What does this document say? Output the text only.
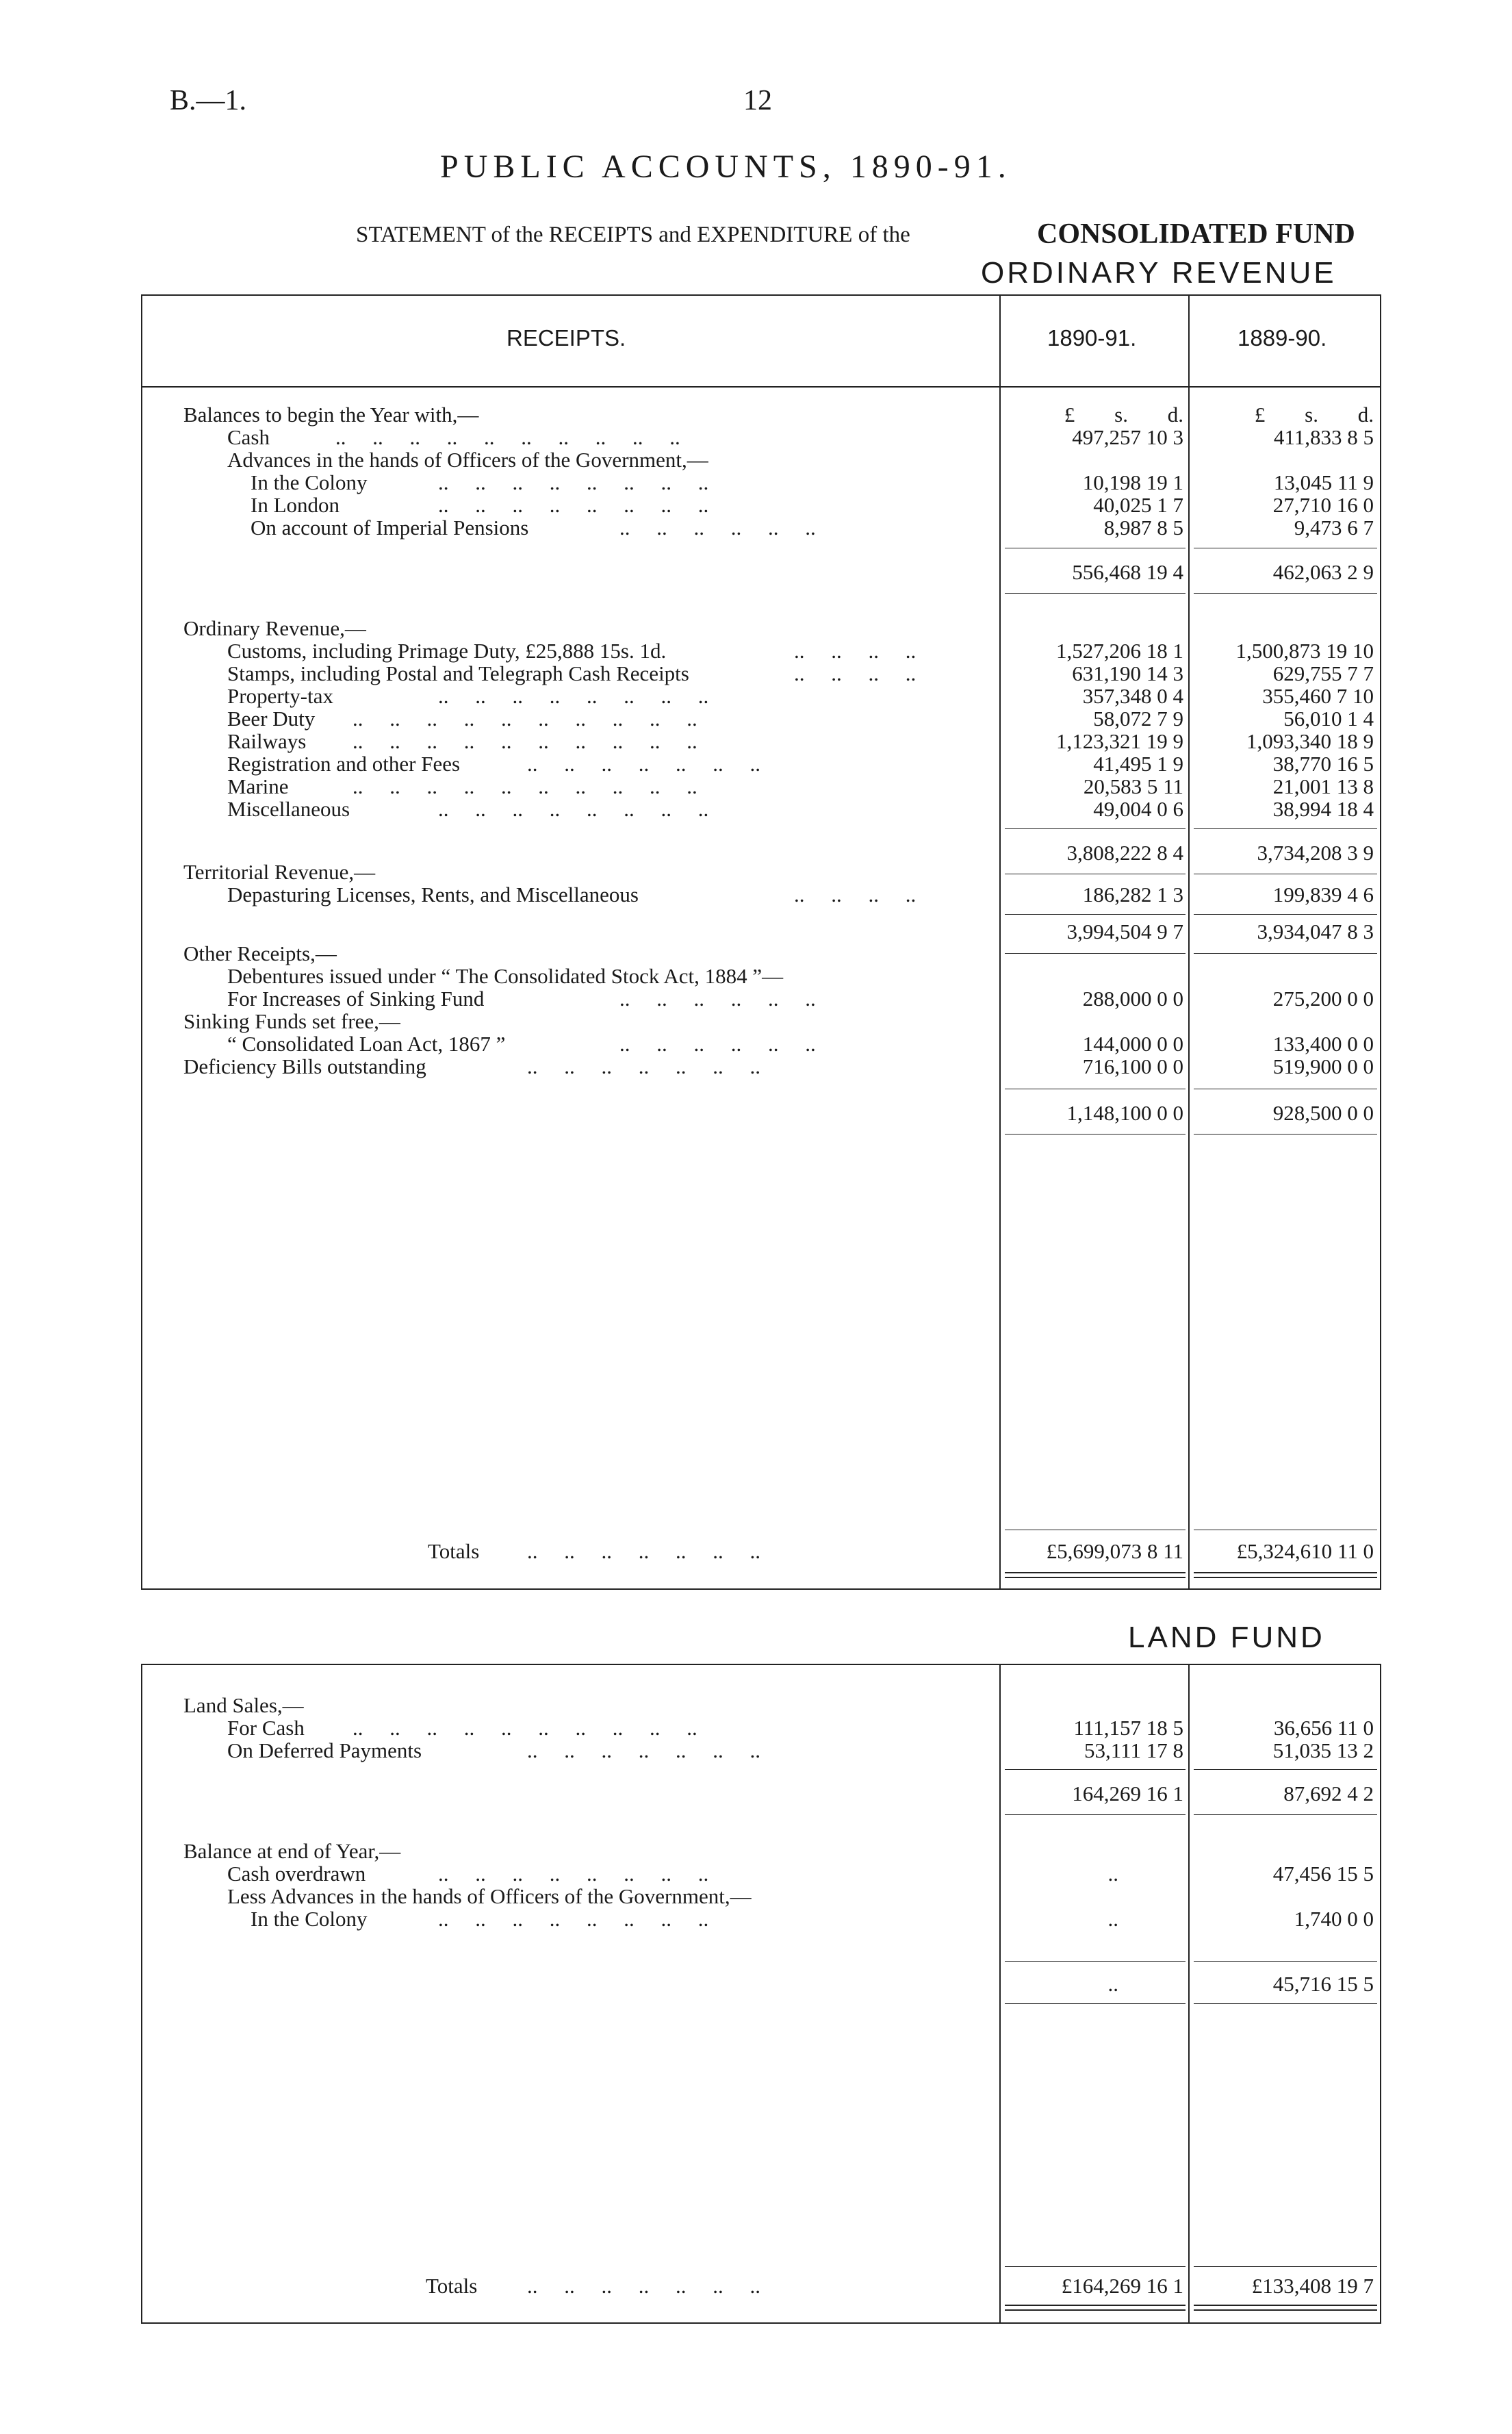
B.—1.	12
PUBLIC ACCOUNTS, 1890-91.
STATEMENT of the RECEIPTS and EXPENDITURE of the	CONSOLIDATED FUND
ORDINARY REVENUE
RECEIPTS.	1890-91.	1889-90.
£ s. d.	£ s. d.
Balances to begin the Year with,—
Cash	..     ..     ..     ..     ..     ..     ..     ..     ..     ..	497,257 10 3	411,833 8 5
Advances in the hands of Officers of the Government,—
In the Colony	..     ..     ..     ..     ..     ..     ..     ..	10,198 19 1	13,045 11 9
In London	..     ..     ..     ..     ..     ..     ..     ..	40,025 1 7	27,710 16 0
On account of Imperial Pensions	..     ..     ..     ..     ..     ..	8,987 8 5	9,473 6 7
556,468 19 4	462,063 2 9
Ordinary Revenue,—
Customs, including Primage Duty, £25,888 15s. 1d.	..     ..     ..     ..	1,527,206 18 1 1,500,873 19 10
Stamps, including Postal and Telegraph Cash Receipts	..     ..     ..     ..	631,190 14 3	629,755 7 7
Property-tax	..     ..     ..     ..     ..     ..     ..     ..	357,348 0 4	355,460 7 10
Beer Duty ..     ..     ..     ..     ..     ..     ..     ..     ..     ..	58,072 7 9	56,010 1 4
Railways ..     ..     ..     ..     ..     ..     ..     ..     ..     ..	1,123,321 19 9	1,093,340 18 9
Registration and other Fees	..     ..     ..     ..     ..     ..     ..	41,495 1 9	38,770 16 5
Marine	..     ..     ..     ..     ..     ..     ..     ..     ..     ..	20,583 5 11	21,001 13 8
Miscellaneous	..     ..     ..     ..     ..     ..     ..     ..	49,004 0 6	38,994 18 4
3,808,222 8 4	3,734,208 3 9
Territorial Revenue,—
Depasturing Licenses, Rents, and Miscellaneous	..     ..     ..     ..	186,282 1 3	199,839 4 6
3,994,504 9 7	3,934,047 8 3
Other Receipts,—
Debentures issued under “ The Consolidated Stock Act, 1884 ”—
For Increases of Sinking Fund	..     ..     ..     ..     ..     ..	288,000 0 0	275,200 0 0
Sinking Funds set free,—
“ Consolidated Loan Act, 1867 ”	..     ..     ..     ..     ..     ..	144,000 0 0	133,400 0 0
Deficiency Bills outstanding	..     ..     ..     ..     ..     ..     ..	716,100 0 0	519,900 0 0
1,148,100 0 0	928,500 0 0
Totals ..     ..     ..     ..     ..     ..     ..	£5,699,073 8 11	£5,324,610 11 0
LAND FUND
Land Sales,—
For Cash ..     ..     ..     ..     ..     ..     ..     ..     ..     ..	111,157 18 5	36,656 11 0
On Deferred Payments	..     ..     ..     ..     ..     ..     ..	53,111 17 8	51,035 13 2
164,269 16 1	87,692 4 2
Balance at end of Year,—
Cash overdrawn	..     ..     ..     ..     ..     ..     ..     ..	..	47,456 15 5
Less Advances in the hands of Officers of the Government,—
In the Colony	..     ..     ..     ..     ..     ..     ..     ..	..	1,740 0 0
..	45,716 15 5
Totals ..     ..     ..     ..     ..     ..     ..	£164,269 16 1	£133,408 19 7
